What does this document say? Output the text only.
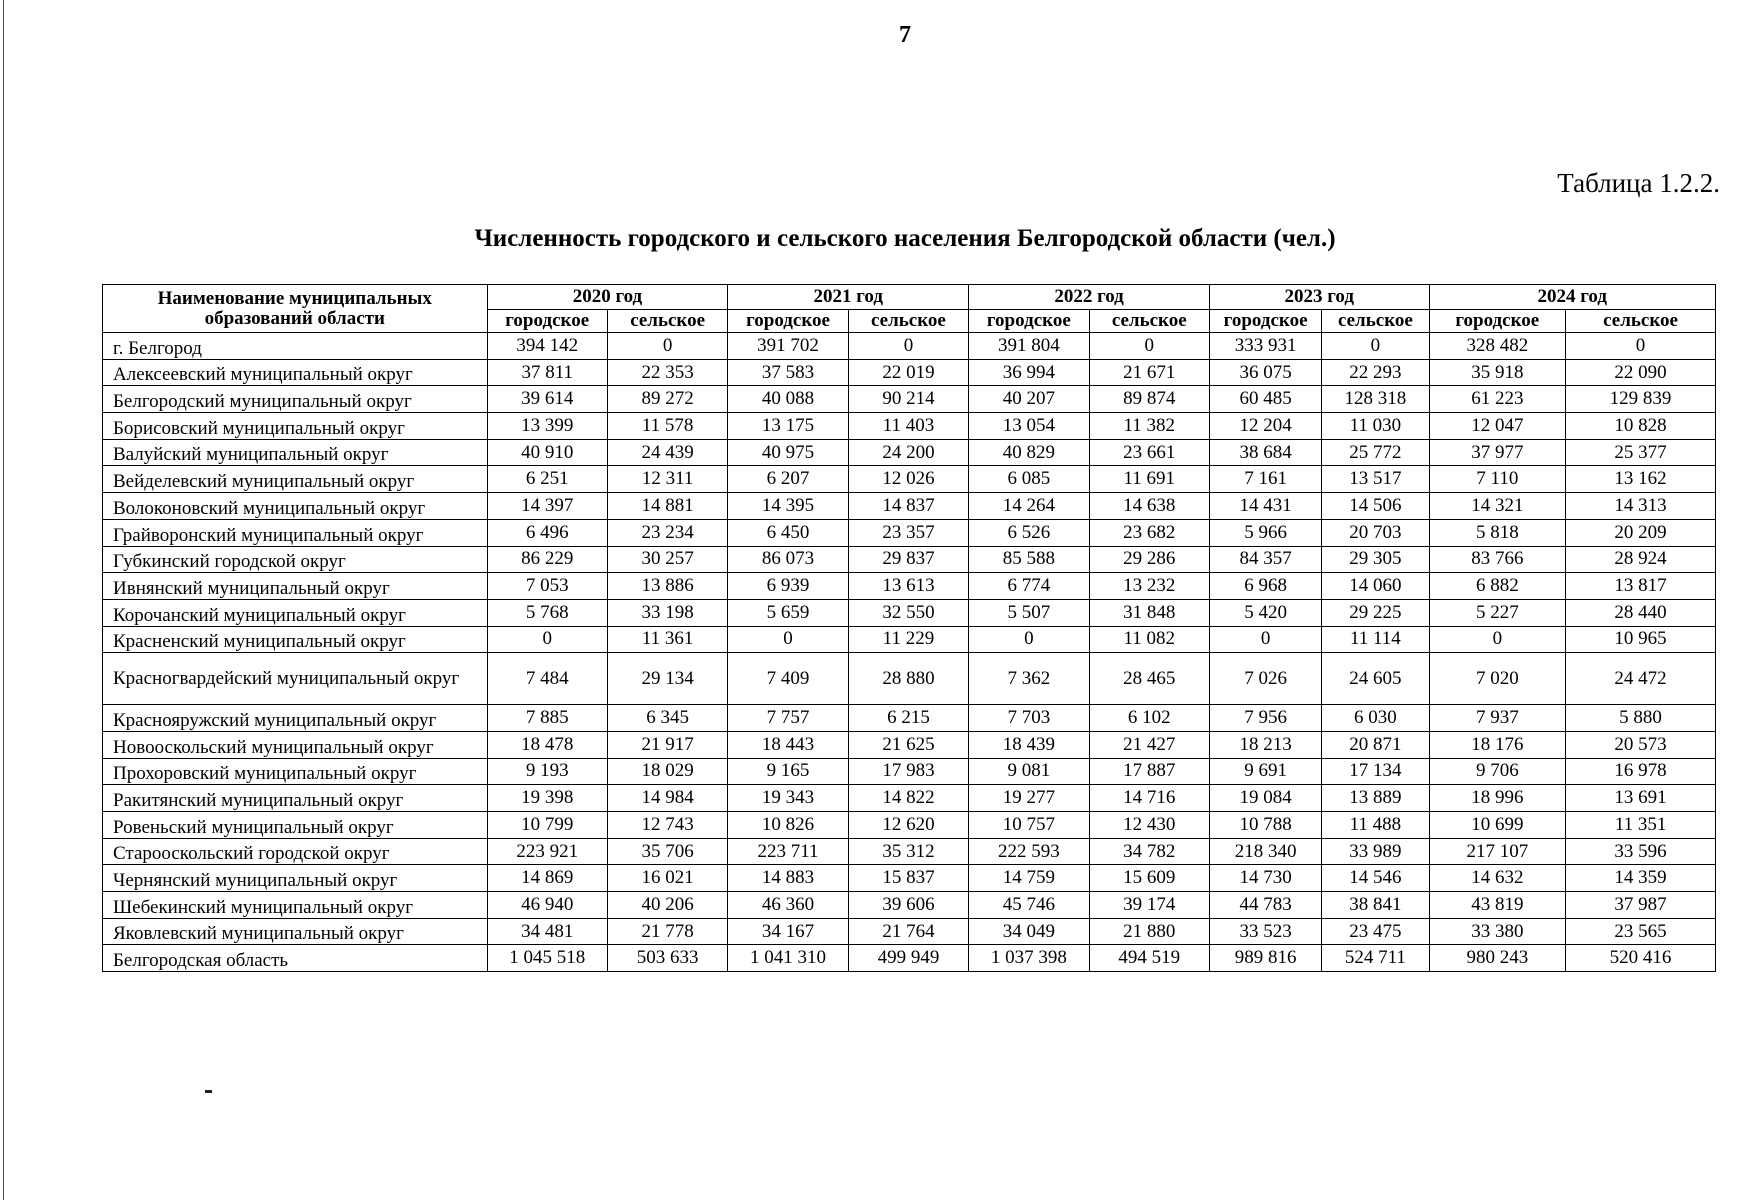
7
Таблица 1.2.2.
Численность городского и сельского населения Белгородской области (чел.)
Наименование муниципальных образований области	2020 год		2021 год		2022 год		2023 год		2024 год	
	городское	сельское	городское	сельское	городское	сельское	городское	сельское	городское	сельское
г. Белгород	394 142	0	391 702	0	391 804	0	333 931	0	328 482	0
Алексеевский муниципальный округ	37 811	22 353	37 583	22 019	36 994	21 671	36 075	22 293	35 918	22 090
Белгородский муниципальный округ	39 614	89 272	40 088	90 214	40 207	89 874	60 485	128 318	61 223	129 839
Борисовский муниципальный округ	13 399	11 578	13 175	11 403	13 054	11 382	12 204	11 030	12 047	10 828
Валуйский муниципальный округ	40 910	24 439	40 975	24 200	40 829	23 661	38 684	25 772	37 977	25 377
Вейделевский муниципальный округ	6 251	12 311	6 207	12 026	6 085	11 691	7 161	13 517	7 110	13 162
Волоконовский муниципальный округ	14 397	14 881	14 395	14 837	14 264	14 638	14 431	14 506	14 321	14 313
Грайворонский муниципальный округ	6 496	23 234	6 450	23 357	6 526	23 682	5 966	20 703	5 818	20 209
Губкинский городской округ	86 229	30 257	86 073	29 837	85 588	29 286	84 357	29 305	83 766	28 924
Ивнянский муниципальный округ	7 053	13 886	6 939	13 613	6 774	13 232	6 968	14 060	6 882	13 817
Корочанский муниципальный округ	5 768	33 198	5 659	32 550	5 507	31 848	5 420	29 225	5 227	28 440
Красненский муниципальный округ	0	11 361	0	11 229	0	11 082	0	11 114	0	10 965
Красногвардейский муниципальный округ	7 484	29 134	7 409	28 880	7 362	28 465	7 026	24 605	7 020	24 472
Краснояружский муниципальный округ	7 885	6 345	7 757	6 215	7 703	6 102	7 956	6 030	7 937	5 880
Новооскольский муниципальный округ	18 478	21 917	18 443	21 625	18 439	21 427	18 213	20 871	18 176	20 573
Прохоровский муниципальный округ	9 193	18 029	9 165	17 983	9 081	17 887	9 691	17 134	9 706	16 978
Ракитянский муниципальный округ	19 398	14 984	19 343	14 822	19 277	14 716	19 084	13 889	18 996	13 691
Ровеньский муниципальный округ	10 799	12 743	10 826	12 620	10 757	12 430	10 788	11 488	10 699	11 351
Старооскольский городской округ	223 921	35 706	223 711	35 312	222 593	34 782	218 340	33 989	217 107	33 596
Чернянский муниципальный округ	14 869	16 021	14 883	15 837	14 759	15 609	14 730	14 546	14 632	14 359
Шебекинский муниципальный округ	46 940	40 206	46 360	39 606	45 746	39 174	44 783	38 841	43 819	37 987
Яковлевский муниципальный округ	34 481	21 778	34 167	21 764	34 049	21 880	33 523	23 475	33 380	23 565
Белгородская область	1 045 518	503 633	1 041 310	499 949	1 037 398	494 519	989 816	524 711	980 243	520 416
